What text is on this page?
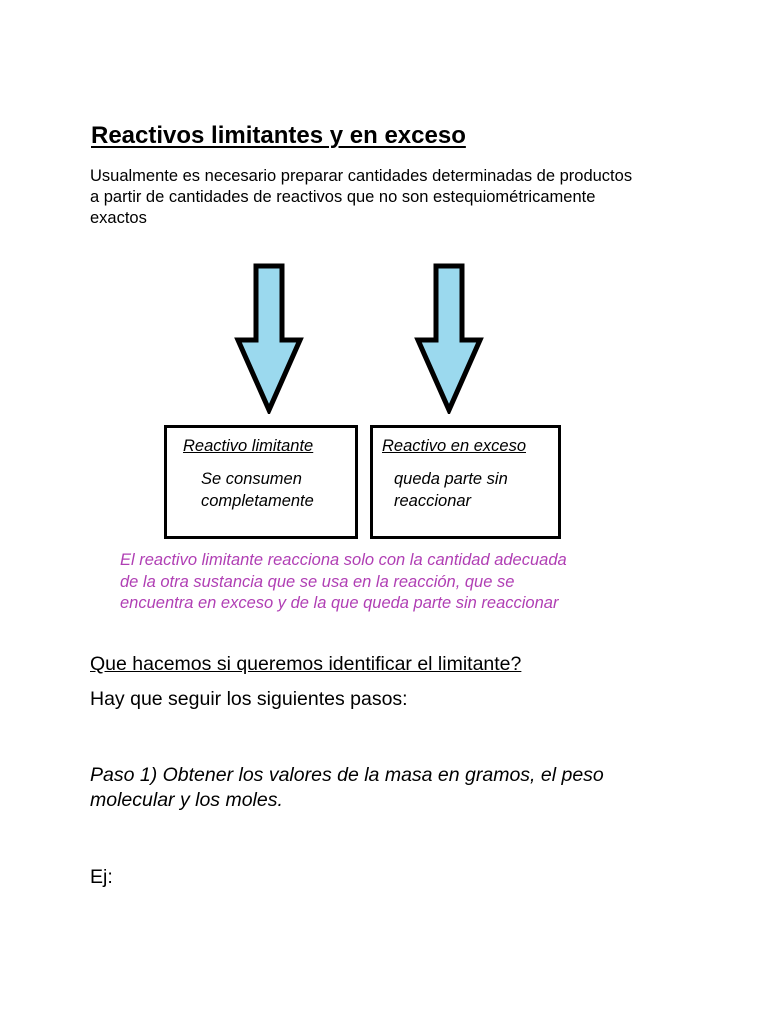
Reactivos limitantes y en exceso
Usualmente es necesario preparar cantidades determinadas de productos
a partir de cantidades de reactivos que no son estequiométricamente
exactos
Reactivo limitante
Se consumen
completamente
Reactivo en exceso
queda parte sin
reaccionar
El reactivo limitante reacciona solo con la cantidad adecuada
de la otra sustancia que se usa en la reacción, que se
encuentra en exceso y de la que queda parte sin reaccionar
Que hacemos si queremos identificar el limitante?
Hay que seguir los siguientes pasos:
Paso 1) Obtener los valores de la masa en gramos, el peso
molecular y los moles.
Ej:
